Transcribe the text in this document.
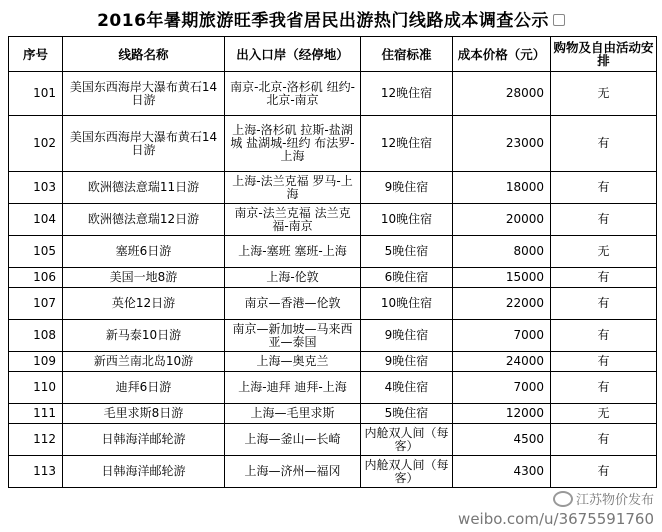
2016年暑期旅游旺季我省居民出游热门线路成本调查公示
序号	线路名称	出入口岸（经停地）	住宿标准	成本价格（元）	购物及自由活动安排
101	美国东西海岸大瀑布黄石14日游	南京-北京-洛杉矶 纽约-北京-南京	12晚住宿	28000	无
102	美国东西海岸大瀑布黄石14日游	上海-洛杉矶 拉斯-盐湖城 盐湖城-纽约 布法罗-上海	12晚住宿	23000	有
103	欧洲德法意瑞11日游	上海-法兰克福 罗马-上海	9晚住宿	18000	有
104	欧洲德法意瑞12日游	南京-法兰克福 法兰克福-南京	10晚住宿	20000	有
105	塞班6日游	上海-塞班 塞班-上海	5晚住宿	8000	无
106	美国一地8游	上海-伦敦	6晚住宿	15000	有
107	英伦12日游	南京—香港—伦敦	10晚住宿	22000	有
108	新马泰10日游	南京—新加坡—马来西亚—泰国	9晚住宿	7000	有
109	新西兰南北岛10游	上海—奥克兰	9晚住宿	24000	有
110	迪拜6日游	上海-迪拜 迪拜-上海	4晚住宿	7000	有
111	毛里求斯8日游	上海—毛里求斯	5晚住宿	12000	无
112	日韩海洋邮轮游	上海—釜山—长崎	内舱双人间（每客）	4500	有
113	日韩海洋邮轮游	上海—济州—福冈	内舱双人间（每客）	4300	有
江苏物价发布
weibo.com/u/3675591760
